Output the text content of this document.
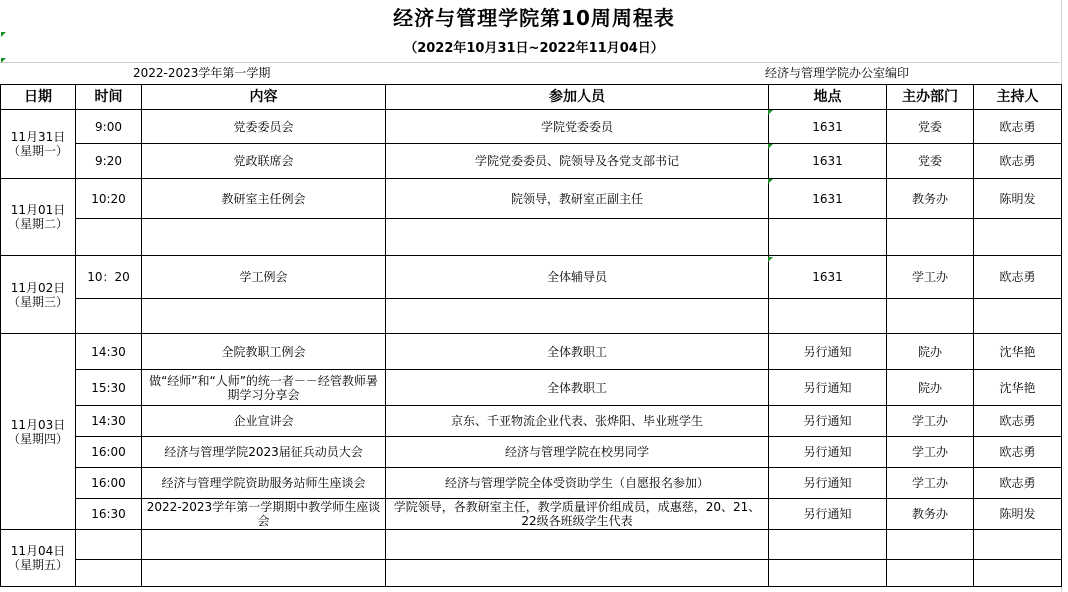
经济与管理学院第10周周程表
（2022年10月31日~2022年11月04日）
2022-2023学年第一学期	经济与管理学院办公室编印
日期	时间	内容	参加人员	地点	主办部门	主持人

11月31日
（星期一）	9:00	党委委员会	学院党委委员	1631	党委	欧志勇
	9:20	党政联席会	学院党委委员、院领导及各党支部书记	1631	党委	欧志勇

11月01日
（星期二）	10:20	教研室主任例会	院领导，教研室正副主任	1631	教务办	陈明发

11月02日
（星期三）	10：20	学工例会	全体辅导员	1631	学工办	欧志勇

11月03日
（星期四）	14:30	全院教职工例会	全体教职工	另行通知	院办	沈华艳
	15:30	做“经师”和“人师”的统一者－－经管教师暑期学习分享会	全体教职工	另行通知	院办	沈华艳
	14:30	企业宣讲会	京东、千亚物流企业代表、张烨阳、毕业班学生	另行通知	学工办	欧志勇
	16:00	经济与管理学院2023届征兵动员大会	经济与管理学院在校男同学	另行通知	学工办	欧志勇
	16:00	经济与管理学院资助服务站师生座谈会	经济与管理学院全体受资助学生（自愿报名参加）	另行通知	学工办	欧志勇
	16:30	2022-2023学年第一学期期中教学师生座谈会	学院领导，各教研室主任，教学质量评价组成员，成惠慈，20、21、22级各班级学生代表	另行通知	教务办	陈明发

11月04日
（星期五）						
